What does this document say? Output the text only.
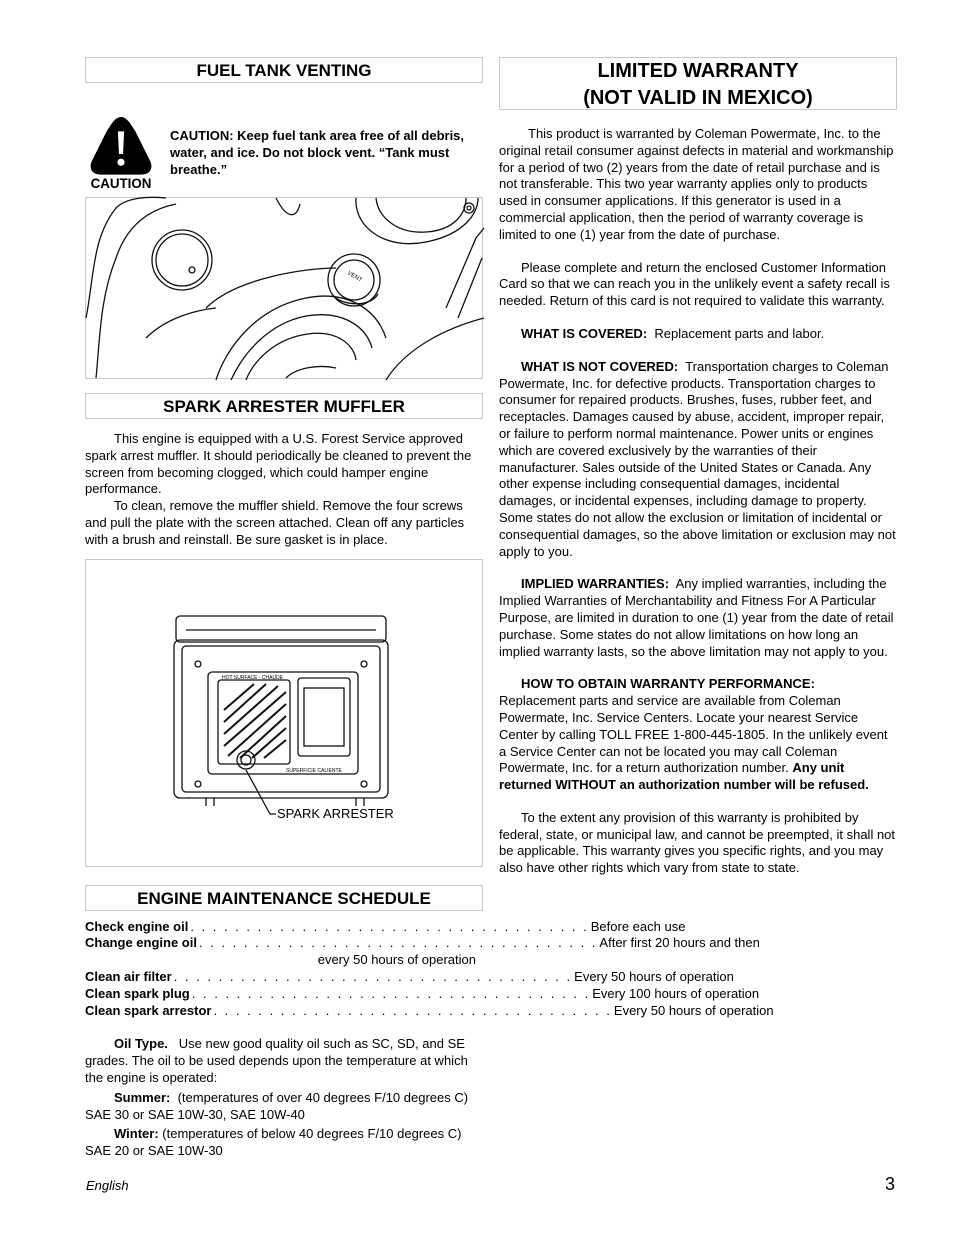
FUEL TANK VENTING
CAUTION
CAUTION: Keep fuel tank area free of all debris, water, and ice. Do not block vent. “Tank must breathe.”
VENT
SPARK ARRESTER MUFFLER

This engine is equipped with a U.S. Forest Service approved spark arrest muffler. It should periodically be cleaned to prevent the screen from becoming clogged, which could hamper engine performance.

To clean, remove the muffler shield. Remove the four screws and pull the plate with the screen attached. Clean off any particles with a brush and reinstall. Be sure gasket is in place.

HOT SURFACE · CHAUDE
SUPERFICIE CALIENTE
SPARK ARRESTER
ENGINE MAINTENANCE SCHEDULE
Check engine oil . . . . . . . . . . . . . . . . . . . . . . . . . . . . . . . . . . . . Before each use
Change engine oil . . . . . . . . . . . . . . . . . . . . . . . . . . . . . . . . . . . . After first 20 hours and then
every 50 hours of operation
Clean air filter . . . . . . . . . . . . . . . . . . . . . . . . . . . . . . . . . . . . Every 50 hours of operation
Clean spark plug . . . . . . . . . . . . . . . . . . . . . . . . . . . . . . . . . . . . Every 100 hours of operation
Clean spark arrestor . . . . . . . . . . . . . . . . . . . . . . . . . . . . . . . . . . . . Every 50 hours of operation

Oil Type. Use new good quality oil such as SC, SD, and SE grades. The oil to be used depends upon the temperature at which the engine is operated:

Summer: (temperatures of over 40 degrees F/10 degrees C) SAE 30 or SAE 10W-30, SAE 10W-40

Winter: (temperatures of below 40 degrees F/10 degrees C) SAE 20 or SAE 10W-30

LIMITED WARRANTY
(NOT VALID IN MEXICO)

This product is warranted by Coleman Powermate, Inc. to the original retail consumer against defects in material and workmanship for a period of two (2) years from the date of retail purchase and is not transferable. This two year warranty applies only to products used in consumer applications. If this generator is used in a commercial application, then the period of warranty coverage is limited to one (1) year from the date of purchase.

Please complete and return the enclosed Customer Information Card so that we can reach you in the unlikely event a safety recall is needed. Return of this card is not required to validate this warranty.

WHAT IS COVERED: Replacement parts and labor.

WHAT IS NOT COVERED: Transportation charges to Coleman Powermate, Inc. for defective products. Transportation charges to consumer for repaired products. Brushes, fuses, rubber feet, and receptacles. Damages caused by abuse, accident, improper repair, or failure to perform normal maintenance. Power units or engines which are covered exclusively by the warranties of their manufacturer. Sales outside of the United States or Canada. Any other expense including consequential damages, incidental damages, or incidental expenses, including damage to property. Some states do not allow the exclusion or limitation of incidental or consequential damages, so the above limitation or exclusion may not apply to you.

IMPLIED WARRANTIES: Any implied warranties, including the Implied Warranties of Merchantability and Fitness For A Particular Purpose, are limited in duration to one (1) year from the date of retail purchase. Some states do not allow limitations on how long an implied warranty lasts, so the above limitation may not apply to you.

HOW TO OBTAIN WARRANTY PERFORMANCE:

Replacement parts and service are available from Coleman Powermate, Inc. Service Centers. Locate your nearest Service Center by calling TOLL FREE 1-800-445-1805. In the unlikely event a Service Center can not be located you may call Coleman Powermate, Inc. for a return authorization number. Any unit returned WITHOUT an authorization number will be refused.

To the extent any provision of this warranty is prohibited by federal, state, or municipal law, and cannot be preempted, it shall not be applicable. This warranty gives you specific rights, and you may also have other rights which vary from state to state.

English	3
